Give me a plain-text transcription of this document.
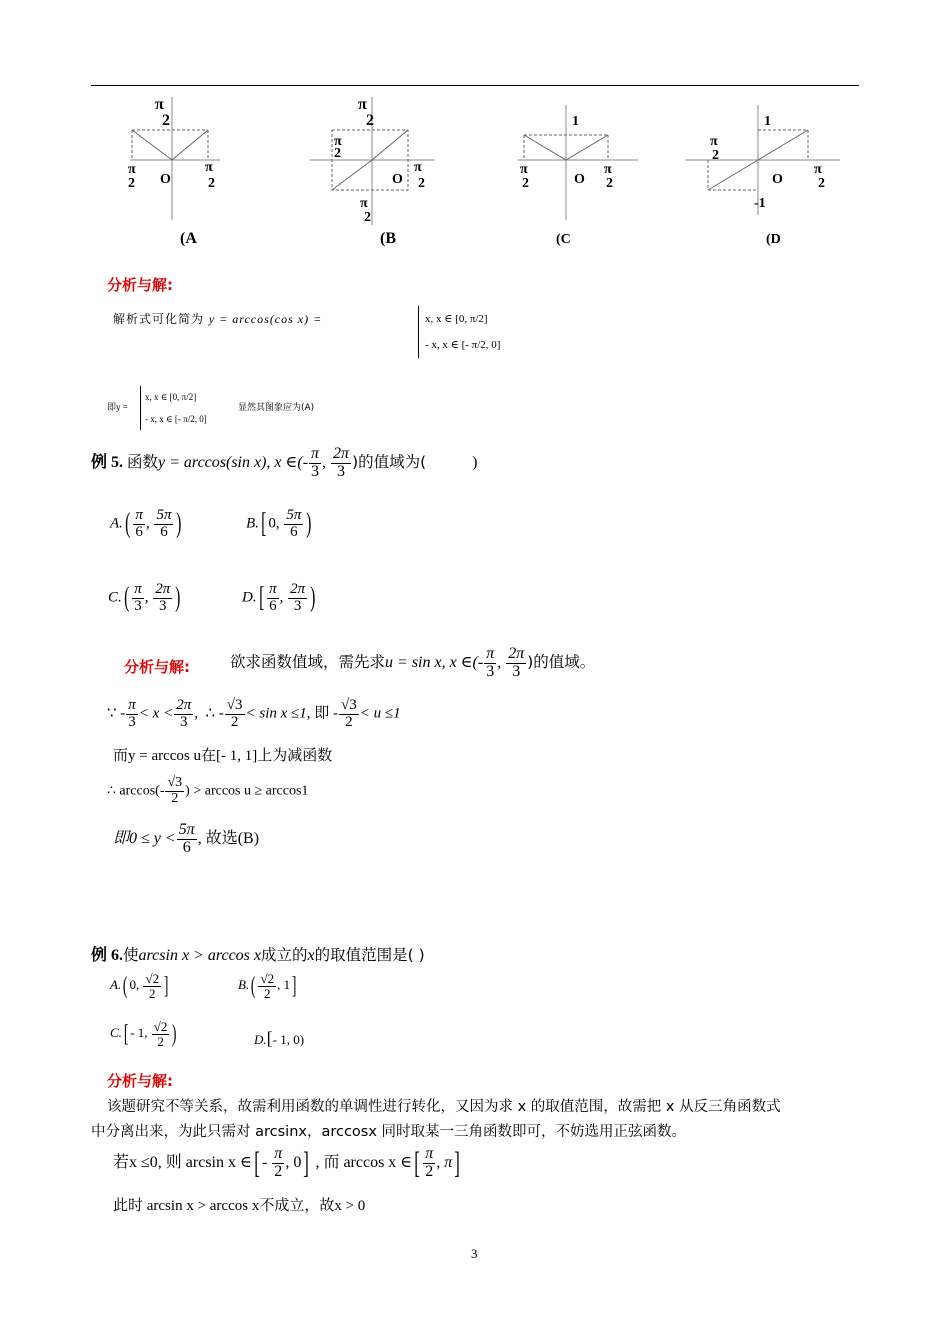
π
2
π
2 O
π
2
(A
π
2
π
2
O
π
2
π
2
(B
1
π
2	O
π
2
(C
1
π
2
O
π
2
-1
(D
分析与解:
解析式可化简为 y = arccos(cos x) =	x, x ∈ [0, π/2]
- x, x ∈ [- π/2, 0]
即y =
x, x ∈ [0, π/2]
- x, x ∈ [- π/2, 0]
显然其图象应为(A)
例 5. 函数y = arccos(sin x), x ∈(- $\frac{\pi}{3}$ , $\frac{2\pi}{3}$ )的值域为(	)
$A.( \frac{\pi}{6}$ , $\frac{5\pi}{6}$ )	B.[ 0, $\frac{5\pi}{6}$ )
$C.( \frac{\pi}{3}$ , $\frac{2\pi}{3}$ )	$D.[ \frac{\pi}{6}$ , $\frac{2\pi}{3}$ )
分析与解:	欲求函数值域，需先求u = sin x, x ∈(- $\frac{\pi}{3}$ , $\frac{2\pi}{3}$ )的值域。
∵ - $\frac{\pi}{3} < x < \frac{2\pi}{3}$ , ∴ - $\frac{√3}{2} < \sin x \le 1$, 即 - $\frac{√3}{2} < u \le 1$
而y = arccos u在[- 1, 1]上为减函数
∴ $\arccos(- \frac{√3}{2}$ ) > arccos u ≥ arccos1
即$0 \le y < \frac{5\pi}{6}$ , 故选(B)
例 6.使arcsin x > arccos x成立的x的取值范围是( )
A.( 0, $\frac{√2}{2}$ ]	$B.( \frac{√2}{2}$ , 1]
C.[ - 1, $\frac{√2}{2}$ )	D.[- 1, 0)
分析与解:
该题研究不等关系，故需利用函数的单调性进行转化，又因为求 x 的取值范围，故需把 x 从反三角函数式
中分离出来，为此只需对 arcsinx，arccosx 同时取某一三角函数即可，不妨选用正弦函数。
若x ≤0, 则 arcsin x ∈[ - $\frac{\pi}{2}$ , 0] , 而 arccos x ∈[ $\frac{\pi}{2}$ , π]
此时 arcsin x > arccos x不成立，故x > 0
3
